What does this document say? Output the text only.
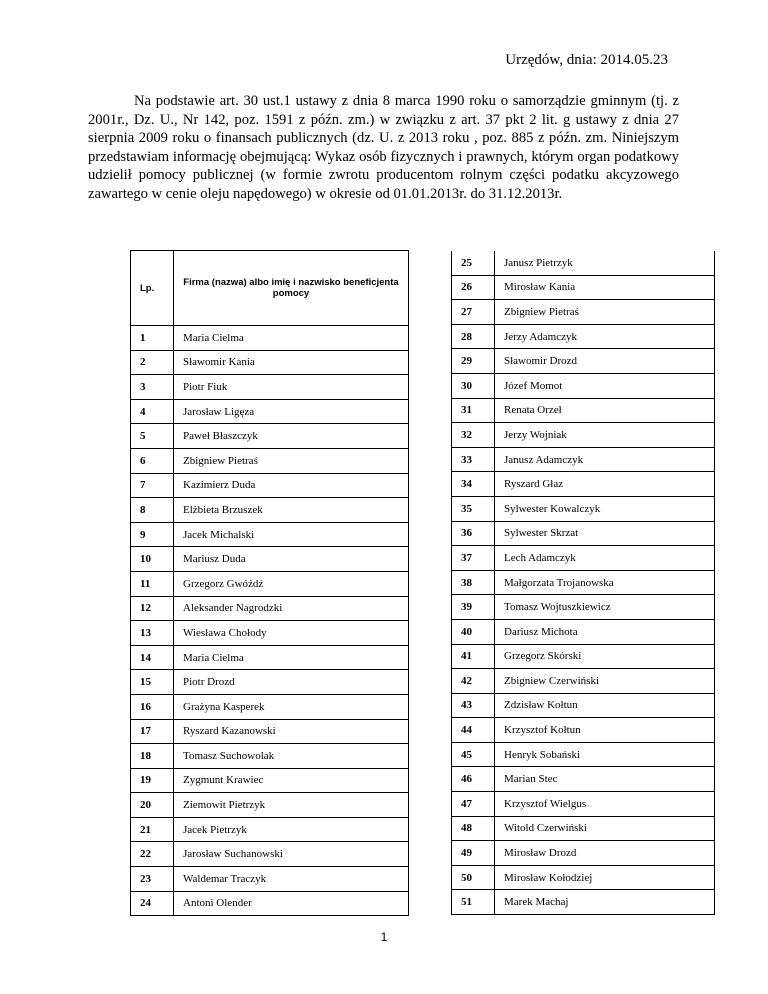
Urzędów, dnia: 2014.05.23

Na podstawie art. 30 ust.1 ustawy z dnia 8 marca 1990 roku o samorządzie gminnym (tj. z 2001r., Dz. U., Nr 142, poz. 1591 z późn. zm.) w związku z art. 37 pkt 2 lit. g ustawy z dnia 27 sierpnia 2009 roku o finansach publicznych (dz. U. z 2013 roku , poz. 885 z późn. zm. Niniejszym przedstawiam informację obejmującą: Wykaz osób fizycznych i prawnych, którym organ podatkowy udzielił pomocy publicznej (w formie zwrotu producentom rolnym części podatku akcyzowego zawartego w cenie oleju napędowego) w okresie od 01.01.2013r. do 31.12.2013r.

Lp.	Firma (nazwa) albo imię i nazwisko beneficjenta pomocy
1	Maria Cielma
2	Sławomir Kania
3	Piotr Fiuk
4	Jarosław Ligęza
5	Paweł Błaszczyk
6	Zbigniew Pietraś
7	Kazimierz Duda
8	Elżbieta Brzuszek
9	Jacek Michalski
10	Mariusz Duda
11	Grzegorz Gwóźdź
12	Aleksander Nagrodzki
13	Wiesława Chołody
14	Maria Cielma
15	Piotr Drozd
16	Grażyna Kasperek
17	Ryszard Kazanowski
18	Tomasz Suchowolak
19	Zygmunt Krawiec
20	Ziemowit Pietrzyk
21	Jacek Pietrzyk
22	Jarosław Suchanowski
23	Waldemar Traczyk
24	Antoni Olender
25	Janusz Pietrzyk
26	Mirosław Kania
27	Zbigniew Pietraś
28	Jerzy Adamczyk
29	Sławomir Drozd
30	Józef Momot
31	Renata Orzeł
32	Jerzy Wojniak
33	Janusz Adamczyk
34	Ryszard Głaz
35	Sylwester Kowalczyk
36	Sylwester Skrzat
37	Lech Adamczyk
38	Małgorzata Trojanowska
39	Tomasz Wojtuszkiewicz
40	Dariusz Michota
41	Grzegorz Skórski
42	Zbigniew Czerwiński
43	Zdzisław Kołtun
44	Krzysztof Kołtun
45	Henryk Sobański
46	Marian Stec
47	Krzysztof Wielgus
48	Witold Czerwiński
49	Mirosław Drozd
50	Mirosław Kołodziej
51	Marek Machaj
1
